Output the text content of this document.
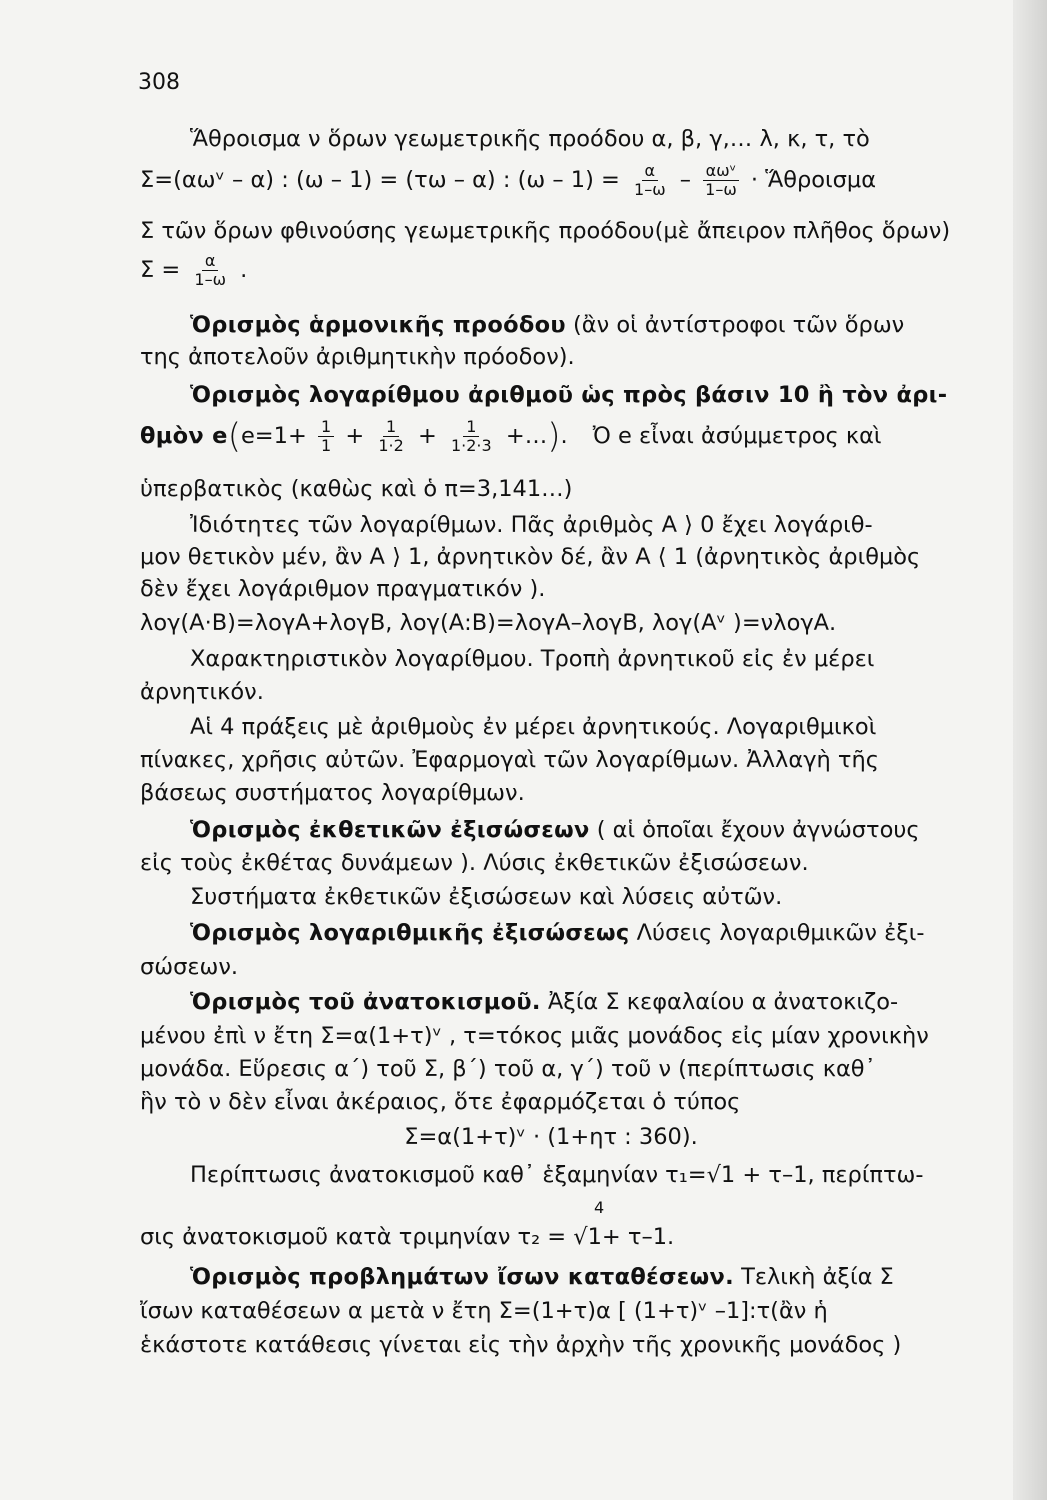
308
Ἅθροισμα ν ὅρων γεωμετρικῆς προόδου α, β, γ,… λ, κ, τ, τὸ
Σ=(αωᵛ – α) : (ω – 1) = (τω – α) : $(\omega - 1) = \frac{\alpha}{1-\omega} - \frac{\text{αωᵛ}}{1-\omega}$ · Ἅθροισμα
Σ τῶν ὅρων φθινούσης γεωμετρικῆς προόδου(μὲ ἄπειρον πλῆθος ὅρων)
$\Sigma = \frac{\alpha}{1-\omega}$ .
Ὁρισμὸς ἁρμονικῆς προόδου (ἂν οἱ ἀντίστροφοι τῶν ὅρων
της ἀποτελοῦν ἀριθμητικὴν πρόοδον).
Ὁρισμὸς λογαρίθμου ἀριθμοῦ ὡς πρὸς βάσιν 10 ἢ τὸν ἀρι-
θμὸν $e(e=1+ \frac{1}{1} + \frac{1}{1\cdot 2} + \frac{1}{1\cdot 2\cdot 3}$ +…). Ὀ e εἶναι ἀσύμμετρος καὶ
ὑπερβατικὸς (καθὼς καὶ ὁ π=3,141…)
Ἰδιότητες τῶν λογαρίθμων. Πᾶς ἀριθμὸς Α ⟩ 0 ἔχει λογάριθ-
μον θετικὸν μέν, ἂν Α ⟩ 1, ἀρνητικὸν δέ, ἂν Α ⟨ 1 (ἀρνητικὸς ἀριθμὸς
δὲν ἔχει λογάριθμον πραγματικόν ).
λογ(Α·Β)=λογΑ+λογΒ, λογ(Α:Β)=λογΑ–λογΒ, λογ(Αᵛ )=νλογΑ.
Χαρακτηριστικὸν λογαρίθμου. Τροπὴ ἀρνητικοῦ εἰς ἐν μέρει
ἀρνητικόν.
Αἱ 4 πράξεις μὲ ἀριθμοὺς ἐν μέρει ἀρνητικούς. Λογαριθμικοὶ
πίνακες, χρῆσις αὐτῶν. Ἐφαρμογαὶ τῶν λογαρίθμων. Ἀλλαγὴ τῆς
βάσεως συστήματος λογαρίθμων.
Ὁρισμὸς ἐκθετικῶν ἐξισώσεων ( αἱ ὁποῖαι ἔχουν ἀγνώστους
εἰς τοὺς ἐκθέτας δυνάμεων ). Λύσις ἐκθετικῶν ἐξισώσεων.
Συστήματα ἐκθετικῶν ἐξισώσεων καὶ λύσεις αὐτῶν.
Ὁρισμὸς λογαριθμικῆς ἐξισώσεως Λύσεις λογαριθμικῶν ἐξι-
σώσεων.
Ὁρισμὸς τοῦ ἀνατοκισμοῦ. Ἀξία Σ κεφαλαίου α ἀνατοκιζο-
μένου ἐπὶ ν ἔτη Σ=α(1+τ)ᵛ , τ=τόκος μιᾶς μονάδος εἰς μίαν χρονικὴν
μονάδα. Εὕρεσις α΄) τοῦ Σ, β΄) τοῦ α, γ΄) τοῦ ν (περίπτωσις καθ᾽
ἣν τὸ ν δὲν εἶναι ἀκέραιος, ὅτε ἐφαρμόζεται ὁ τύπος
Σ=α(1+τ)ᵛ · (1+ητ : 360).
Περίπτωσις ἀνατοκισμοῦ καθ᾽ ἑξαμηνίαν τ₁=√1 + τ–1, περίπτω-
4
σις ἀνατοκισμοῦ κατὰ τριμηνίαν τ₂ = √1+ τ–1.
Ὁρισμὸς προβλημάτων ἴσων καταθέσεων. Τελικὴ ἀξία Σ
ἴσων καταθέσεων α μετὰ ν ἔτη Σ=(1+τ)α [ (1+τ)ᵛ –1]:τ(ἂν ἡ
ἑκάστοτε κατάθεσις γίνεται εἰς τὴν ἀρχὴν τῆς χρονικῆς μονάδος )
